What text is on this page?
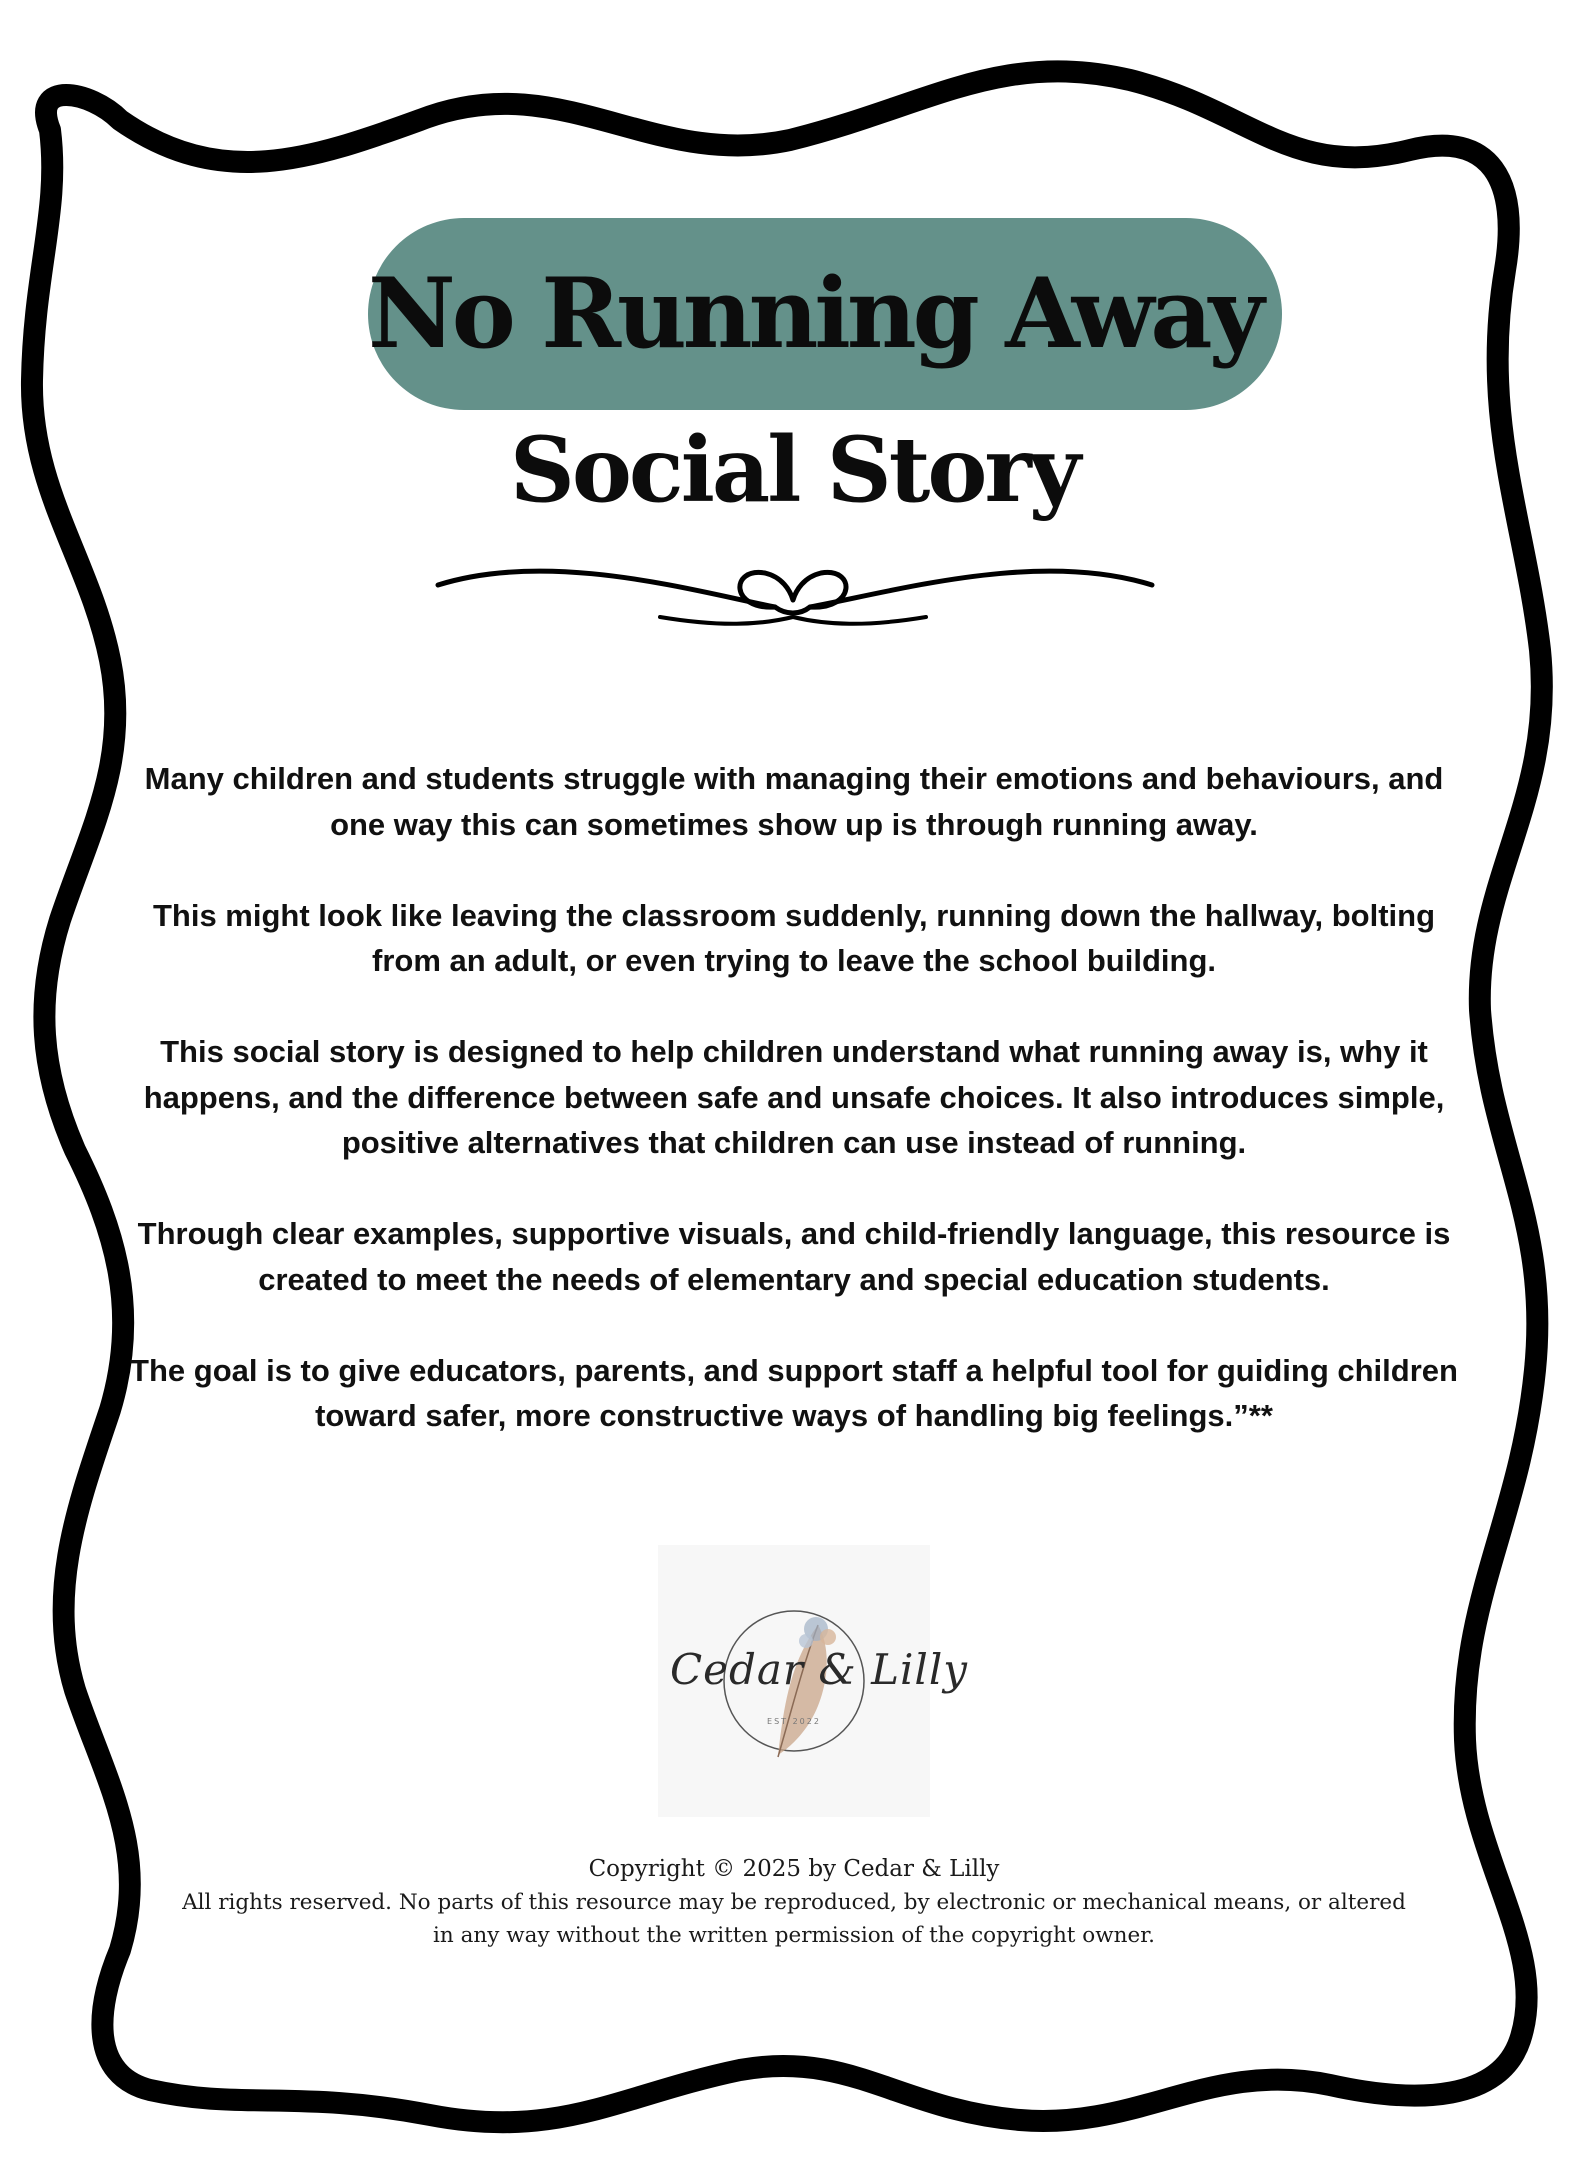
No Running Away
Social Story

Many children and students struggle with managing their emotions and behaviours, and one way this can sometimes show up is through running away.

This might look like leaving the classroom suddenly, running down the hallway, bolting from an adult, or even trying to leave the school building.

This social story is designed to help children understand what running away is, why it happens, and the difference between safe and unsafe choices. It also introduces simple, positive alternatives that children can use instead of running.

Through clear examples, supportive visuals, and child-friendly language, this resource is created to meet the needs of elementary and special education students.

The goal is to give educators, parents, and support staff a helpful tool for guiding children toward safer, more constructive ways of handling big feelings.”**

Cedar & Lilly
EST 2022

Copyright © 2025 by Cedar & Lilly

All rights reserved. No parts of this resource may be reproduced, by electronic or mechanical means, or altered in any way without the written permission of the copyright owner.
